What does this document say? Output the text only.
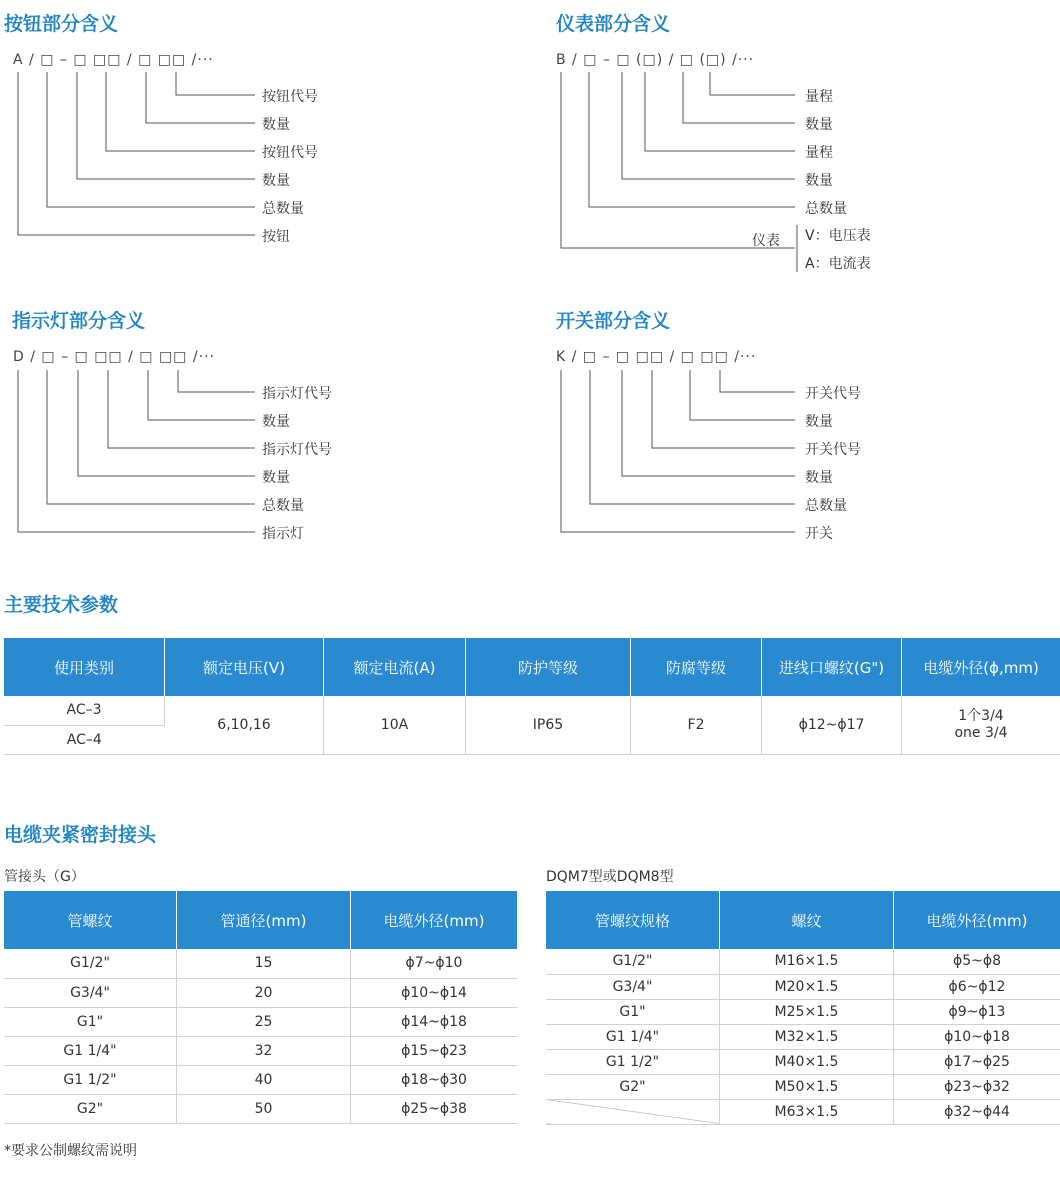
按钮部分含义	仪表部分含义
指示灯部分含义	开关部分含义
A / □ – □ □□ / □ □□ /···	B / □ – □ (□) / □ (□) /···
D / □ – □ □□ / □ □□ /···	K / □ – □ □□ / □ □□ /···
按钮代号
数量
按钮代号
数量
总数量
按钮
量程
数量
量程
数量
总数量
仪表 V：电压表
A：电流表
指示灯代号
数量
指示灯代号
数量
总数量
指示灯
开关代号
数量
开关代号
数量
总数量
开关
主要技术参数
使用类别	额定电压(V)	额定电流(A)	防护等级	防腐等级	进线口螺纹(G")	电缆外径(ϕ,mm)
AC–3	6,10,16	10A	IP65	F2	ϕ12~ϕ17	1个3/4
one 3/4
AC–4						
电缆夹紧密封接头
管接头（G）	DQM7型或DQM8型
管螺纹	管通径(mm)	电缆外径(mm)
G1/2"	15	ϕ7~ϕ10
G3/4"	20	ϕ10~ϕ14
G1"	25	ϕ14~ϕ18
G1 1/4"	32	ϕ15~ϕ23
G1 1/2"	40	ϕ18~ϕ30
G2"	50	ϕ25~ϕ38
管螺纹规格	螺纹	电缆外径(mm)
G1/2"	M16×1.5	ϕ5~ϕ8
G3/4"	M20×1.5	ϕ6~ϕ12
G1"	M25×1.5	ϕ9~ϕ13
G1 1/4"	M32×1.5	ϕ10~ϕ18
G1 1/2"	M40×1.5	ϕ17~ϕ25
G2"	M50×1.5	ϕ23~ϕ32
	M63×1.5	ϕ32~ϕ44
*要求公制螺纹需说明
